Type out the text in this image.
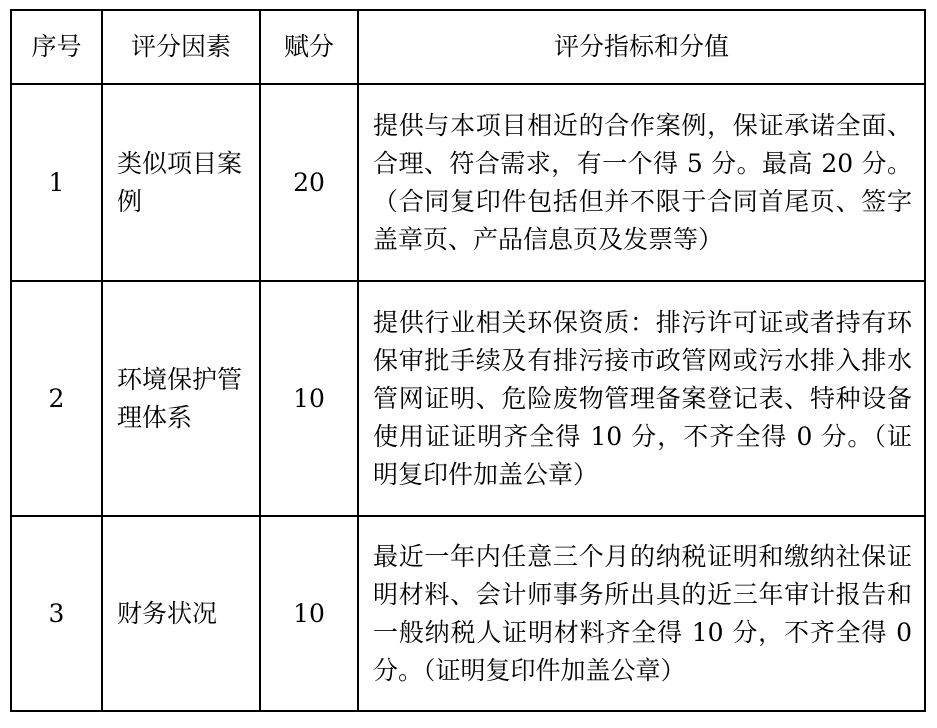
序号	评分因素	赋分	评分指标和分值
1	类似项目案例	20	提供与本项目相近的合作案例，保证承诺全面、合理、符合需求，有一个得 5 分。最高 20 分。（合同复印件包括但并不限于合同首尾页、签字盖章页、产品信息页及发票等）
2	环境保护管理体系	10	提供行业相关环保资质：排污许可证或者持有环保审批手续及有排污接市政管网或污水排入排水管网证明、危险废物管理备案登记表、特种设备使用证证明齐全得 10 分，不齐全得 0 分。（证明复印件加盖公章）
3	财务状况	10	最近一年内任意三个月的纳税证明和缴纳社保证明材料、会计师事务所出具的近三年审计报告和一般纳税人证明材料齐全得 10 分，不齐全得 0 分。（证明复印件加盖公章）
